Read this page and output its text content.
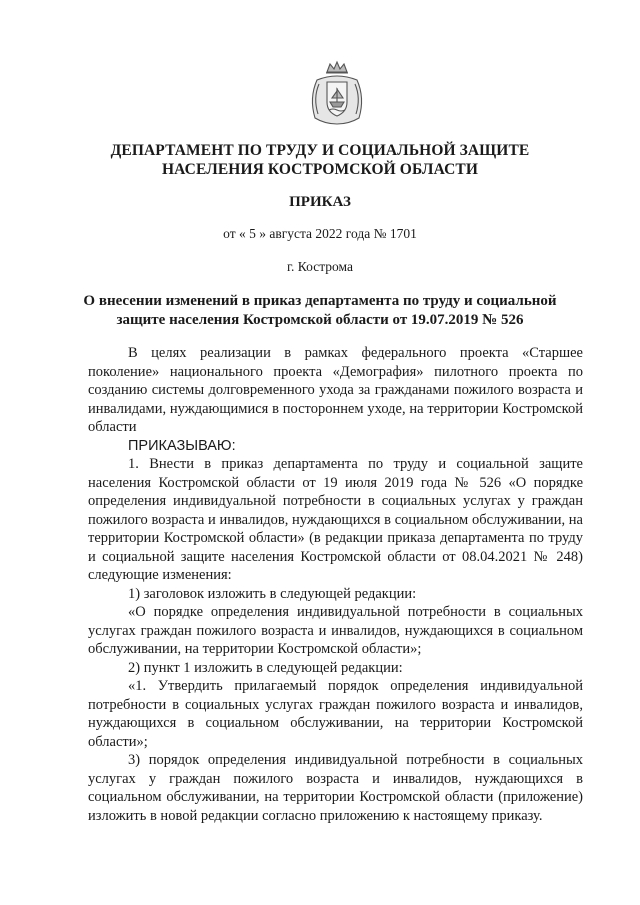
ДЕПАРТАМЕНТ ПО ТРУДУ И СОЦИАЛЬНОЙ ЗАЩИТЕ
НАСЕЛЕНИЯ КОСТРОМСКОЙ ОБЛАСТИ
ПРИКАЗ
от « 5 » августа 2022 года № 1701
г. Кострома
О внесении изменений в приказ департамента по труду и социальной
защите населения Костромской области от 19.07.2019 № 526

В целях реализации в рамках федерального проекта «Старшее поколение» национального проекта «Демография» пилотного проекта по созданию системы долговременного ухода за гражданами пожилого возраста и инвалидами, нуждающимися в постороннем уходе, на территории Костромской области

ПРИКАЗЫВАЮ:

1. Внести в приказ департамента по труду и социальной защите населения Костромской области от 19 июля 2019 года № 526 «О порядке определения индивидуальной потребности в социальных услугах у граждан пожилого возраста и инвалидов, нуждающихся в социальном обслуживании, на территории Костромской области» (в редакции приказа департамента по труду и социальной защите населения Костромской области от 08.04.2021 № 248) следующие изменения:

1) заголовок изложить в следующей редакции:

«О порядке определения индивидуальной потребности в социальных услугах граждан пожилого возраста и инвалидов, нуждающихся в социальном обслуживании, на территории Костромской области»;

2) пункт 1 изложить в следующей редакции:

«1. Утвердить прилагаемый порядок определения индивидуальной потребности в социальных услугах граждан пожилого возраста и инвалидов, нуждающихся в социальном обслуживании, на территории Костромской области»;

3) порядок определения индивидуальной потребности в социальных услугах у граждан пожилого возраста и инвалидов, нуждающихся в социальном обслуживании, на территории Костромской области (приложение) изложить в новой редакции согласно приложению к настоящему приказу.
